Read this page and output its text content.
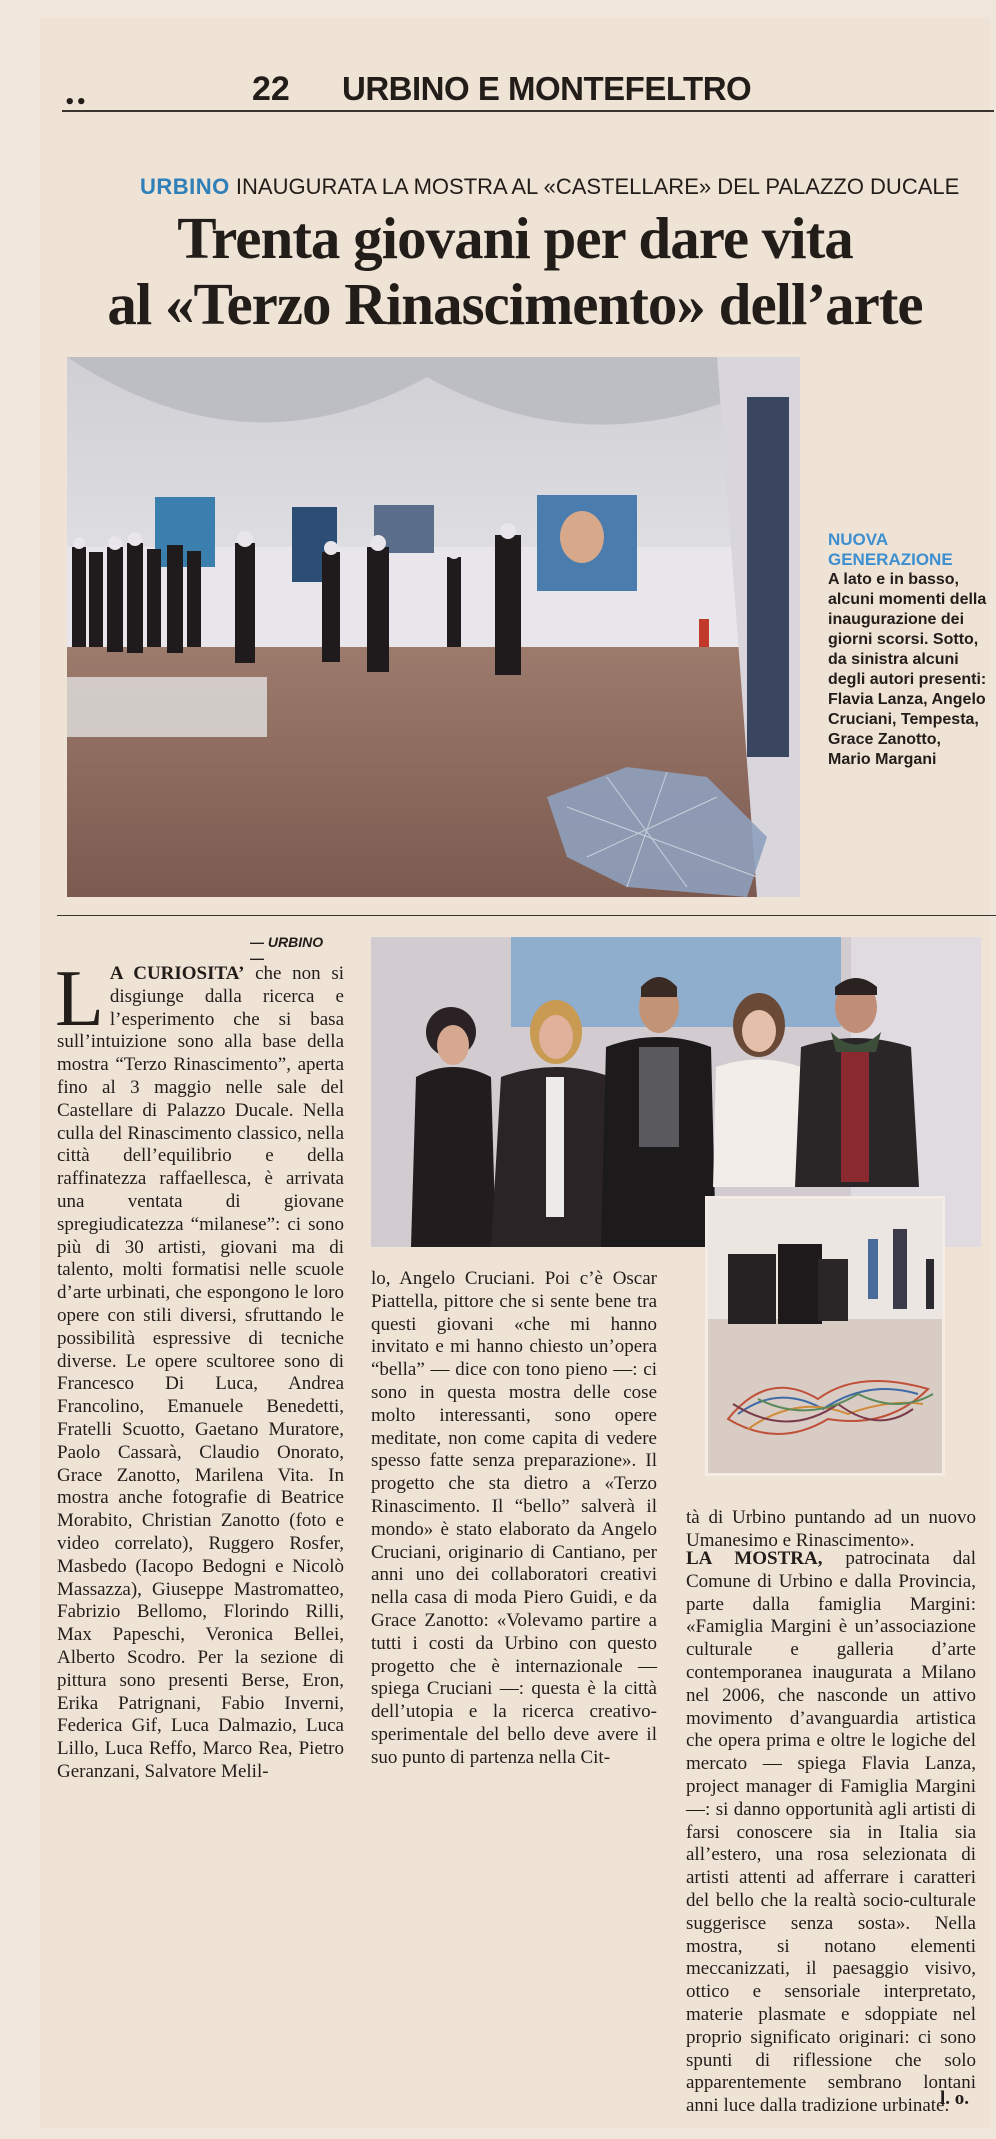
••	22 URBINO E MONTEFELTRO
URBINO INAUGURATA LA MOSTRA AL «CASTELLARE» DEL PALAZZO DUCALE
Trenta giovani per dare vita
al «Terzo Rinascimento» dell’arte
NUOVA
GENERAZIONE
A lato e in basso, alcuni momenti della inaugurazione dei giorni scorsi. Sotto, da sinistra alcuni degli autori presenti: Flavia Lanza, Angelo Cruciani, Tempesta, Grace Zanotto, Mario Margani
— URBINO —
L A CURIOSITA’ che non si disgiunge dalla ricerca e l’esperimento che si basa sull’intuizione sono alla base della mostra “Terzo Rinascimento”, aperta fino al 3 maggio nelle sale del Castellare di Palazzo Ducale. Nella culla del Rinascimento classico, nella città dell’equilibrio e della raffinatezza raffaellesca, è arrivata una ventata di giovane spregiudicatezza “milanese”: ci sono più di 30 artisti, giovani ma di talento, molti formatisi nelle scuole d’arte urbinati, che espongono le loro opere con stili diversi, sfruttando le possibilità espressive di tecniche diverse. Le opere scultoree sono di Francesco Di Luca, Andrea Francolino, Emanuele Benedetti, Fratelli Scuotto, Gaetano Muratore, Paolo Cassarà, Claudio Onorato, Grace Zanotto, Marilena Vita. In mostra anche fotografie di Beatrice Morabito, Christian Zanotto (foto e video correlato), Ruggero Rosfer, Masbedo (Iacopo Bedogni e Nicolò Massazza), Giuseppe Mastromatteo, Fabrizio Bellomo, Florindo Rilli, Max Papeschi, Veronica Bellei, Alberto Scodro. Per la sezione di pittura sono presenti Berse, Eron, Erika Patrignani, Fabio Inverni, Federica Gif, Luca Dalmazio, Luca Lillo, Luca Reffo, Marco Rea, Pietro Geranzani, Salvatore Melil-
lo, Angelo Cruciani. Poi c’è Oscar Piattella, pittore che si sente bene tra questi giovani «che mi hanno invitato e mi hanno chiesto un’opera “bella” — dice con tono pieno —: ci sono in questa mostra delle cose molto interessanti, sono opere meditate, non come capita di vedere spesso fatte senza preparazione». Il progetto che sta dietro a «Terzo Rinascimento. Il “bello” salverà il mondo» è stato elaborato da Angelo Cruciani, originario di Cantiano, per anni uno dei collaboratori creativi nella casa di moda Piero Guidi, e da Grace Zanotto: «Volevamo partire a tutti i costi da Urbino con questo progetto che è internazionale — spiega Cruciani —: questa è la città dell’utopia e la ricerca creativo-sperimentale del bello deve avere il suo punto di partenza nella Cit-
tà di Urbino puntando ad un nuovo Umanesimo e Rinascimento».
LA MOSTRA, patrocinata dal Comune di Urbino e dalla Provincia, parte dalla famiglia Margini: «Famiglia Margini è un’associazione culturale e galleria d’arte contemporanea inaugurata a Milano nel 2006, che nasconde un attivo movimento d’avanguardia artistica che opera prima e oltre le logiche del mercato — spiega Flavia Lanza, project manager di Famiglia Margini —: si danno opportunità agli artisti di farsi conoscere sia in Italia sia all’estero, una rosa selezionata di artisti attenti ad afferrare i caratteri del bello che la realtà socio-culturale suggerisce senza sosta». Nella mostra, si notano elementi meccanizzati, il paesaggio visivo, ottico e sensoriale interpretato, materie plasmate e sdoppiate nel proprio significato originari: ci sono spunti di riflessione che solo apparentemente sembrano lontani anni luce dalla tradizione urbinate.
l. o.
